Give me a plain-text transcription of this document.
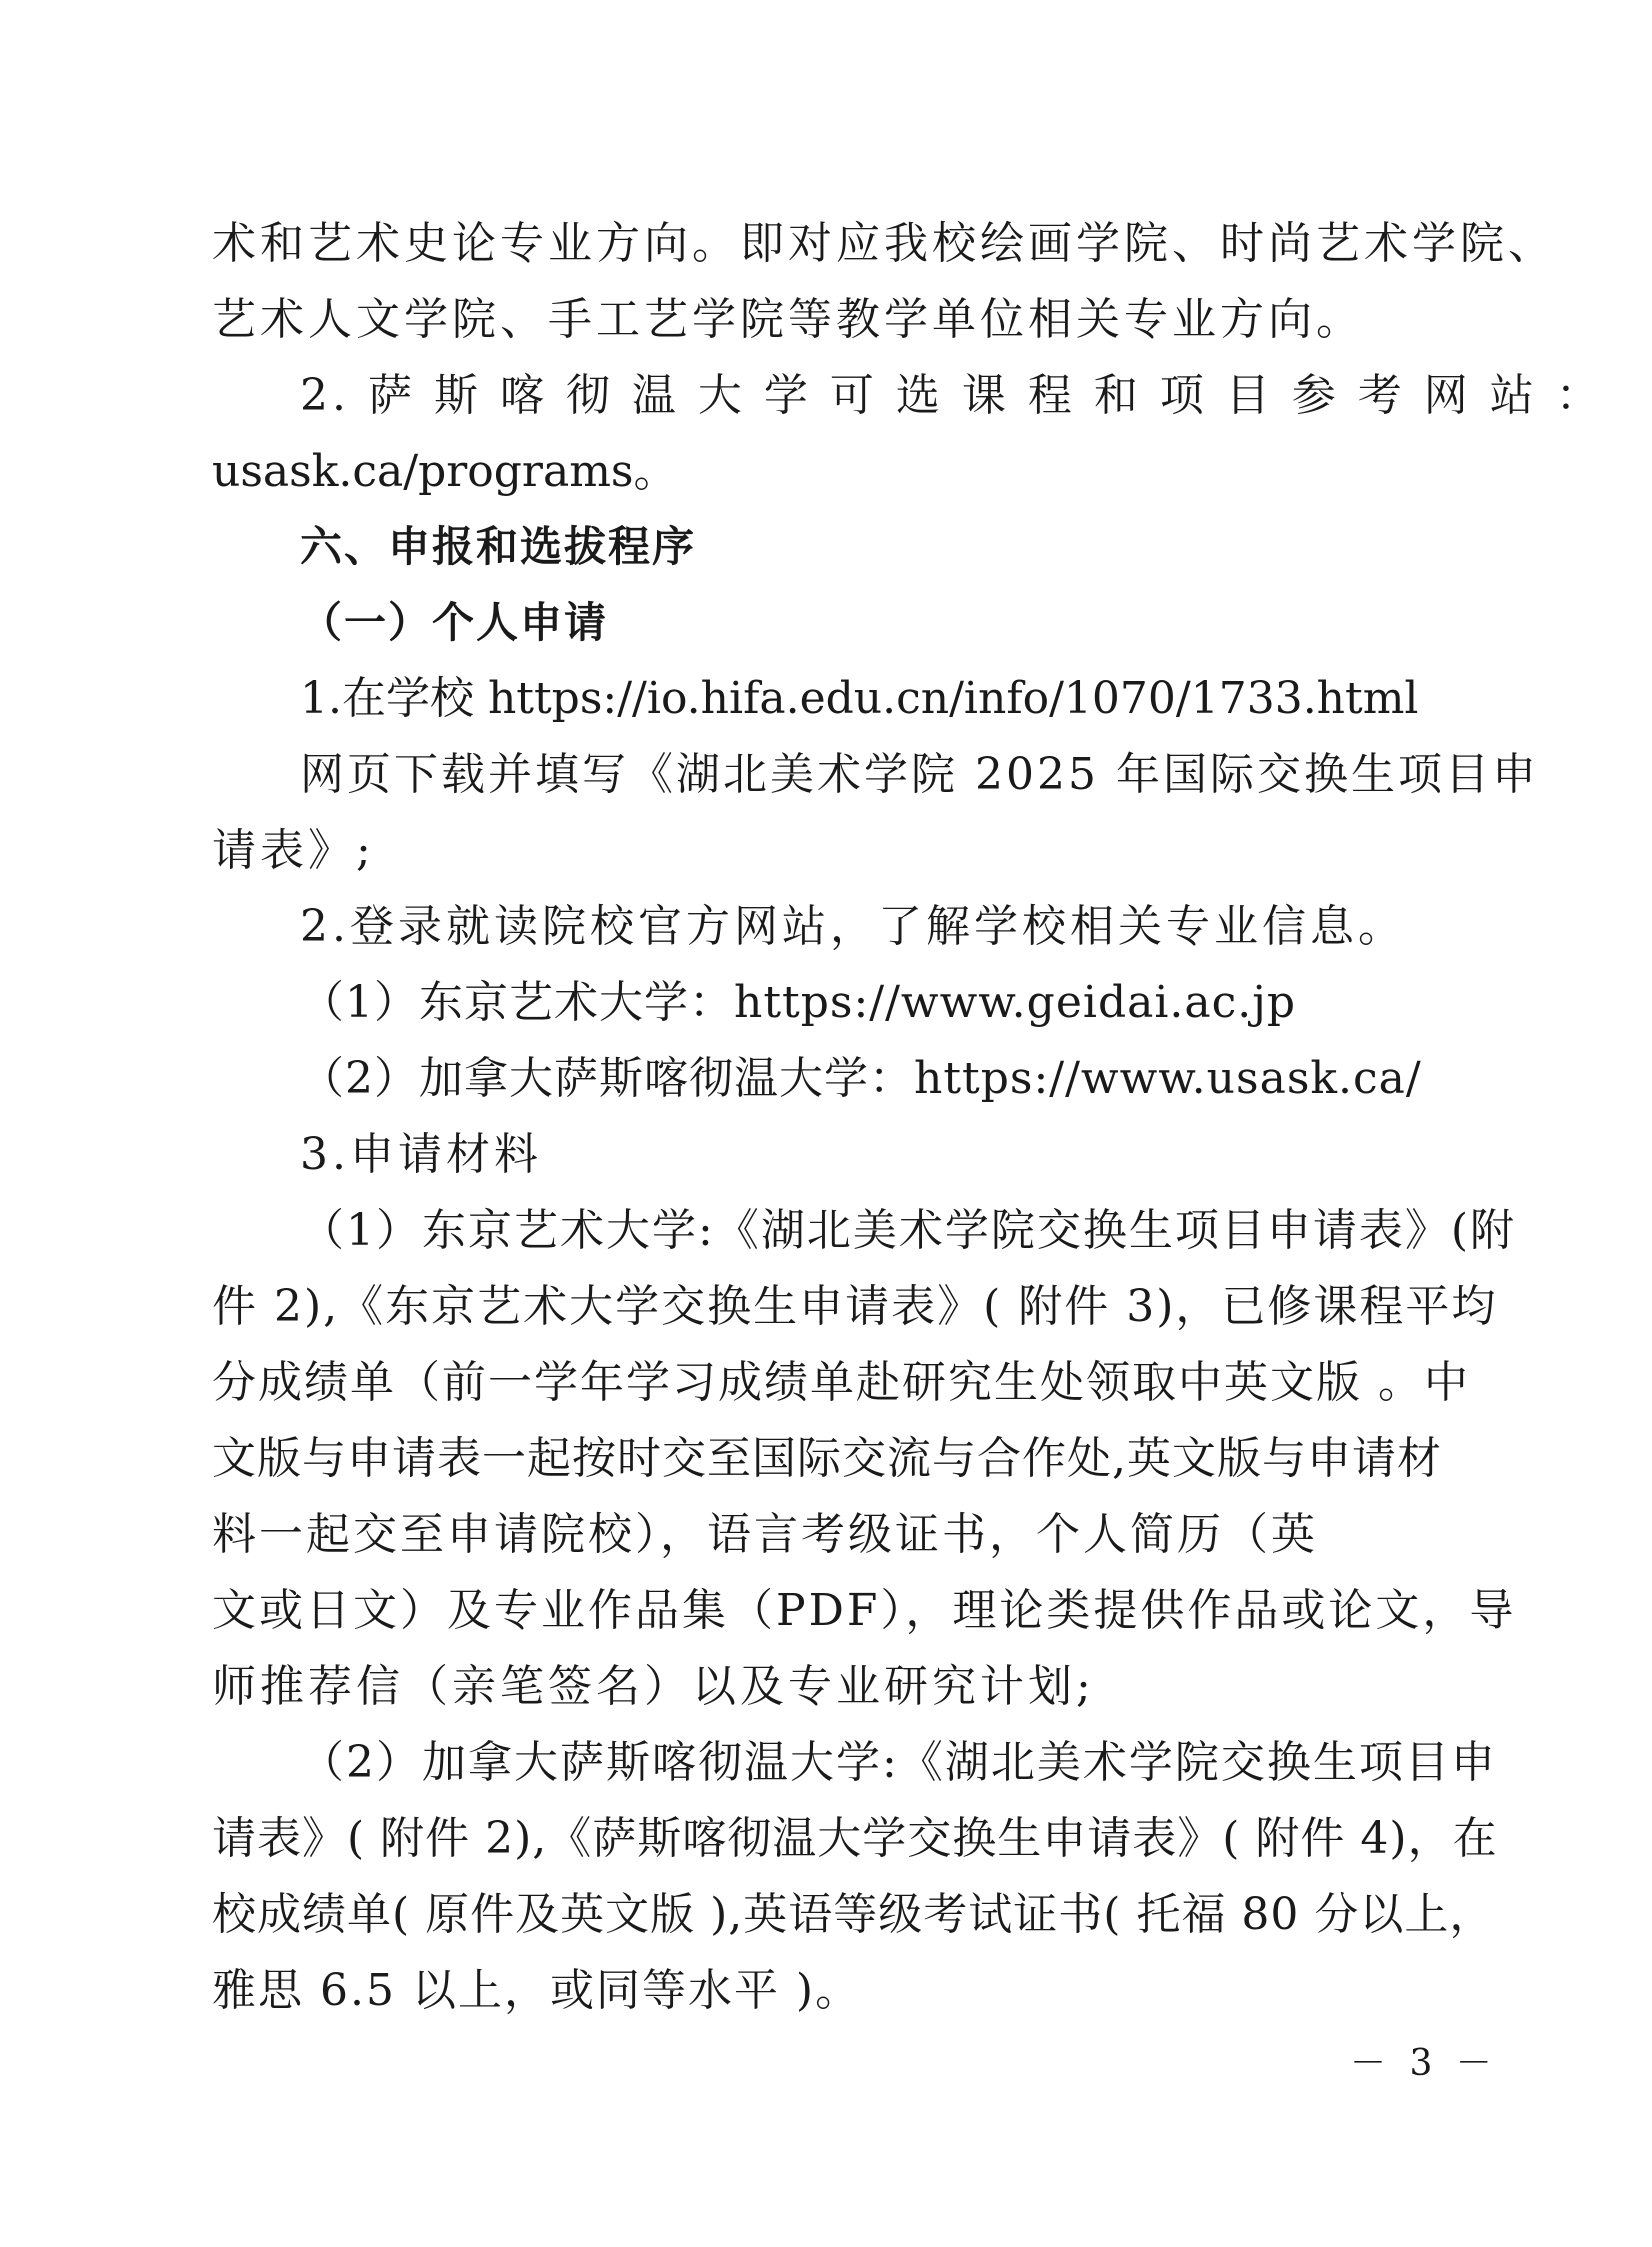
术和艺术史论专业方向。即对应我校绘画学院、时尚艺术学院、
艺术人文学院、手工艺学院等教学单位相关专业方向。
2. 萨 斯 喀 彻 温 大 学 可 选 课 程 和 项 目 参 考 网 站 ：
usask.ca/programs。
六、申报和选拔程序
（一）个人申请
1.在学校 https://io.hifa.edu.cn/info/1070/1733.html
网页下载并填写《湖北美术学院 2025 年国际交换生项目申
请表》;
2.登录就读院校官方网站，了解学校相关专业信息。
（1）东京艺术大学：https://www.geidai.ac.jp
（2）加拿大萨斯喀彻温大学：https://www.usask.ca/
3.申请材料
（1）东京艺术大学:《湖北美术学院交换生项目申请表》(附
件 2),《东京艺术大学交换生申请表》( 附件 3)，已修课程平均
分成绩单（前一学年学习成绩单赴研究生处领取中英文版 。中
文版与申请表一起按时交至国际交流与合作处,英文版与申请材
料一起交至申请院校），语言考级证书，个人简历（英
文或日文）及专业作品集（PDF），理论类提供作品或论文，导
师推荐信（亲笔签名）以及专业研究计划;
（2）加拿大萨斯喀彻温大学:《湖北美术学院交换生项目申
请表》( 附件 2),《萨斯喀彻温大学交换生申请表》( 附件 4)，在
校成绩单( 原件及英文版 ),英语等级考试证书( 托福 80 分以上，
雅思 6.5 以上，或同等水平 )。
－ 3 －
